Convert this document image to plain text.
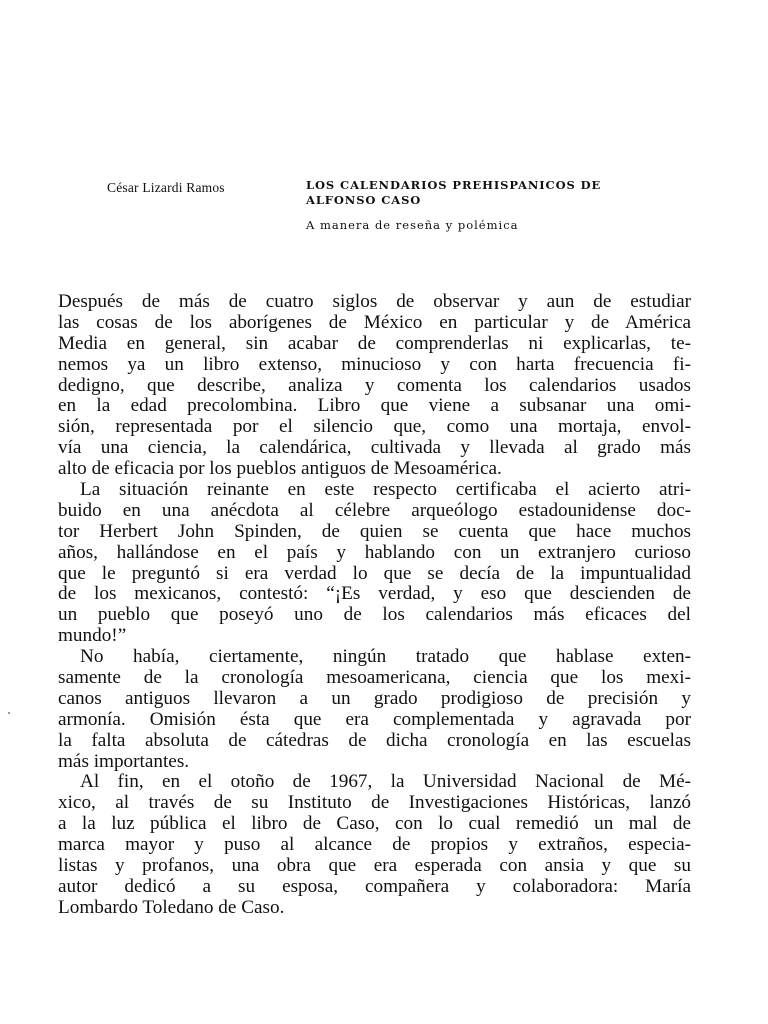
César Lizardi Ramos	LOS CALENDARIOS PREHISPANICOS DE
ALFONSO CASO
A manera de reseña y polémica
Después de más de cuatro siglos de observar y aun de estudiar
las cosas de los aborígenes de México en particular y de América
Media en general, sin acabar de comprenderlas ni explicarlas, te-
nemos ya un libro extenso, minucioso y con harta frecuencia fi-
dedigno, que describe, analiza y comenta los calendarios usados
en la edad precolombina. Libro que viene a subsanar una omi-
sión, representada por el silencio que, como una mortaja, envol-
vía una ciencia, la calendárica, cultivada y llevada al grado más
alto de eficacia por los pueblos antiguos de Mesoamérica.
La situación reinante en este respecto certificaba el acierto atri-
buido en una anécdota al célebre arqueólogo estadounidense doc-
tor Herbert John Spinden, de quien se cuenta que hace muchos
años, hallándose en el país y hablando con un extranjero curioso
que le preguntó si era verdad lo que se decía de la impuntualidad
de los mexicanos, contestó: “¡Es verdad, y eso que descienden de
un pueblo que poseyó uno de los calendarios más eficaces del
mundo!”
No había, ciertamente, ningún tratado que hablase exten-
samente de la cronología mesoamericana, ciencia que los mexi-
canos antiguos llevaron a un grado prodigioso de precisión y
armonía. Omisión ésta que era complementada y agravada por
la falta absoluta de cátedras de dicha cronología en las escuelas
más importantes.
Al fin, en el otoño de 1967, la Universidad Nacional de Mé-
xico, al través de su Instituto de Investigaciones Históricas, lanzó
a la luz pública el libro de Caso, con lo cual remedió un mal de
marca mayor y puso al alcance de propios y extraños, especia-
listas y profanos, una obra que era esperada con ansia y que su
autor dedicó a su esposa, compañera y colaboradora: María
Lombardo Toledano de Caso.
